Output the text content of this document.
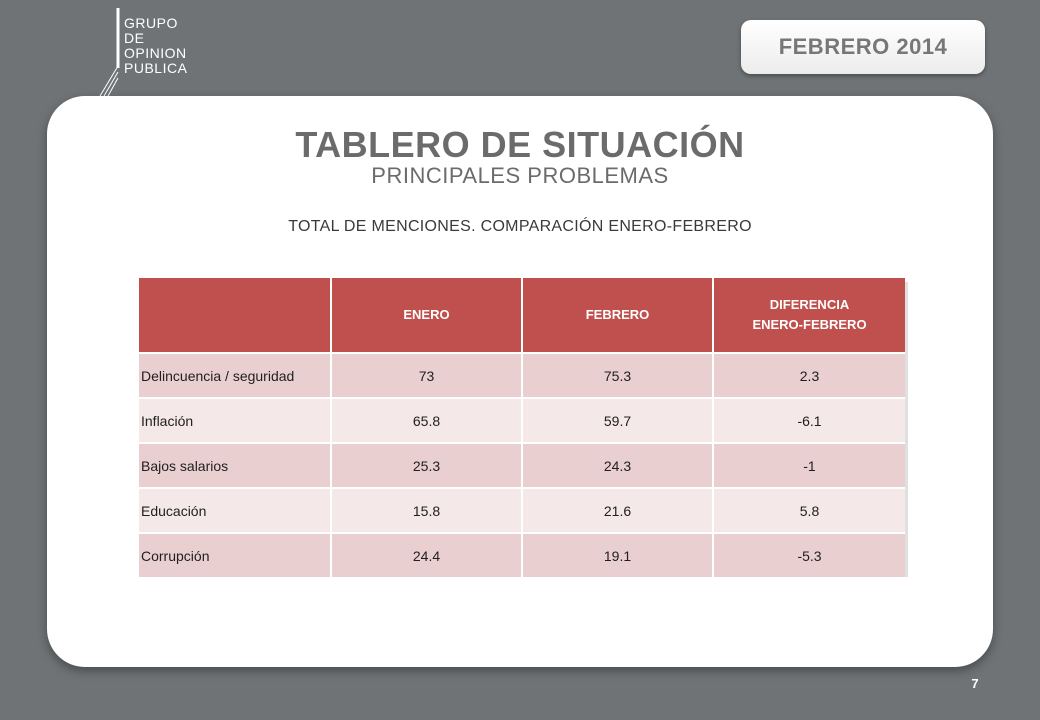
GRUPO
DE
OPINION
PUBLICA
FEBRERO 2014
TABLERO DE SITUACIÓN
PRINCIPALES PROBLEMAS
TOTAL DE MENCIONES. COMPARACIÓN ENERO-FEBRERO
	ENERO	FEBRERO	DIFERENCIA
ENERO-FEBRERO

Delincuencia / seguridad	73	75.3	2.3
Inflación	65.8	59.7	-6.1
Bajos salarios	25.3	24.3	-1
Educación	15.8	21.6	5.8
Corrupción	24.4	19.1	-5.3
7
